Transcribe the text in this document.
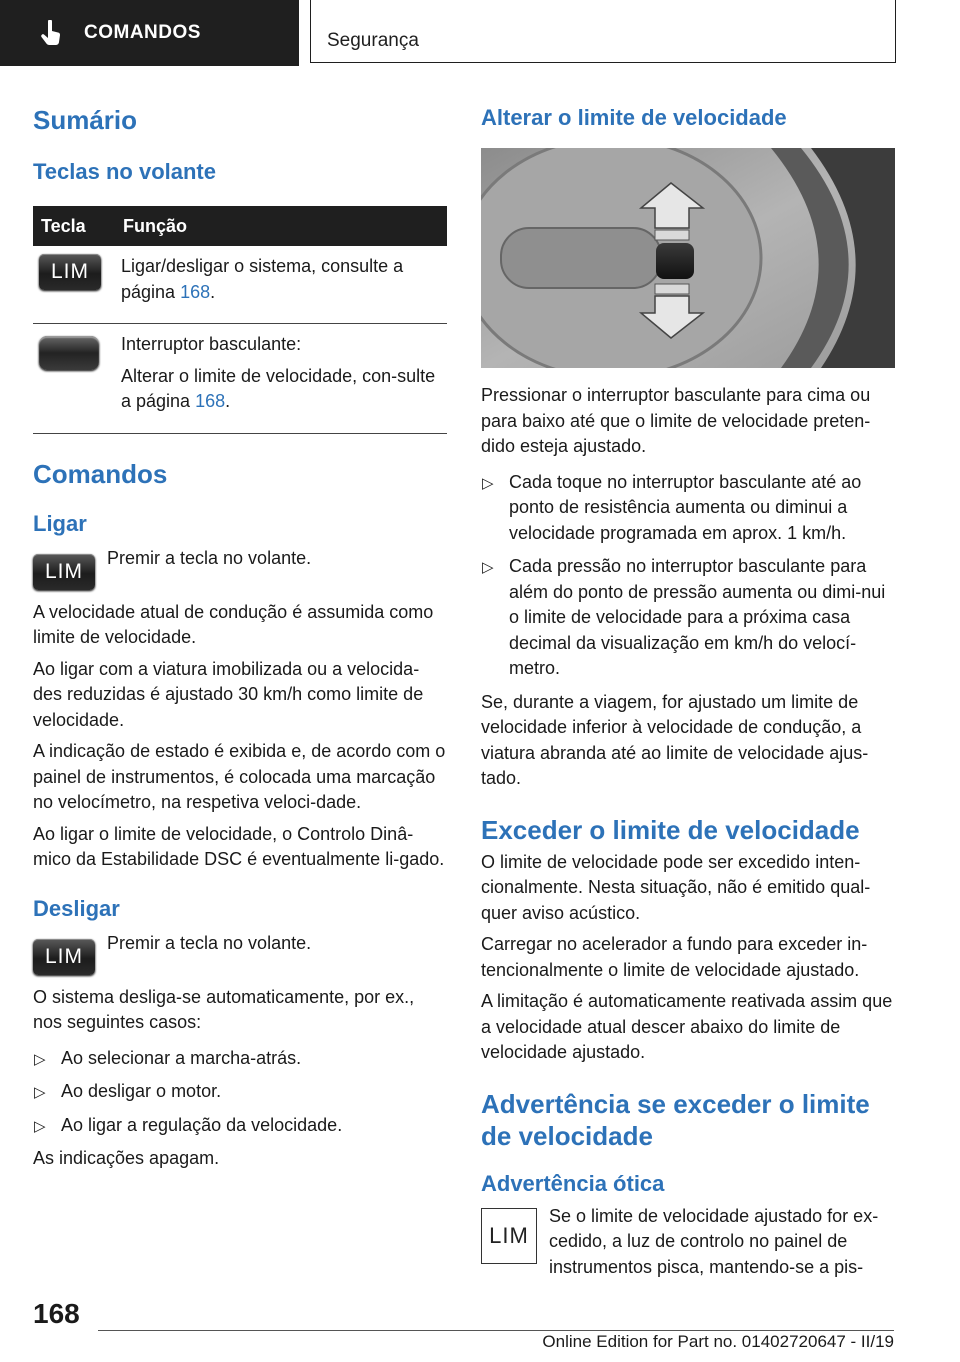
COMANDOS	Segurança
Sumário
Teclas no volante
Tecla	Função
LIM	Ligar/desligar o sistema, consulte a página 168.

	Interruptor basculante:

Alterar o limite de velocidade, con-sulte a página 168.

Comandos
Ligar
LIM

Premir a tecla no volante.

A velocidade atual de condução é assumida como limite de velocidade.

Ao ligar com a viatura imobilizada ou a velocida-des reduzidas é ajustado 30 km/h como limite de velocidade.

A indicação de estado é exibida e, de acordo com o painel de instrumentos, é colocada uma marcação no velocímetro, na respetiva veloci-dade.

Ao ligar o limite de velocidade, o Controlo Dinâ-mico da Estabilidade DSC é eventualmente li-gado.

Desligar
LIM

Premir a tecla no volante.

O sistema desliga-se automaticamente, por ex., nos seguintes casos:

▷ Ao selecionar a marcha-atrás.
▷ Ao desligar o motor.
▷ Ao ligar a regulação da velocidade.

As indicações apagam.

Alterar o limite de velocidade

Pressionar o interruptor basculante para cima ou para baixo até que o limite de velocidade preten-dido esteja ajustado.

▷ Cada toque no interruptor basculante até ao ponto de resistência aumenta ou diminui a velocidade programada em aprox. 1 km/h.
▷ Cada pressão no interruptor basculante para além do ponto de pressão aumenta ou dimi-nui o limite de velocidade para a próxima casa decimal da visualização em km/h do velocí-metro.

Se, durante a viagem, for ajustado um limite de velocidade inferior à velocidade de condução, a viatura abranda até ao limite de velocidade ajus-tado.

Exceder o limite de velocidade

O limite de velocidade pode ser excedido inten-cionalmente. Nesta situação, não é emitido qual-quer aviso acústico.

Carregar no acelerador a fundo para exceder in-tencionalmente o limite de velocidade ajustado.

A limitação é automaticamente reativada assim que a velocidade atual descer abaixo do limite de velocidade ajustado.

Advertência se exceder o limite de velocidade
Advertência ótica
LIM

Se o limite de velocidade ajustado for ex-cedido, a luz de controlo no painel de instrumentos pisca, mantendo-se a pis-

168
Online Edition for Part no. 01402720647 - II/19
